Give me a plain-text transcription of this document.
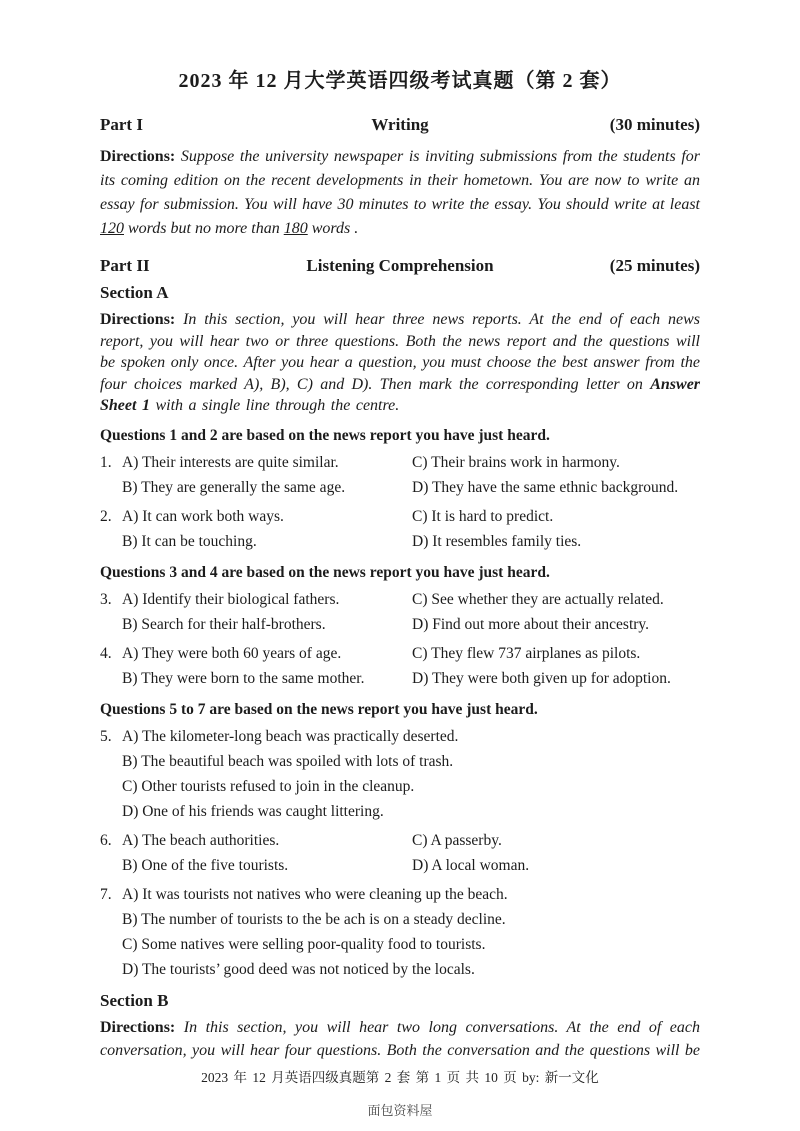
2023 年 12 月大学英语四级考试真题（第 2 套）
Part I	Writing	(30 minutes)

Directions: Suppose the university newspaper is inviting submissions from the students for its coming edition on the recent developments in their hometown. You are now to write an essay for submission. You will have 30 minutes to write the essay. You should write at least 120 words but no more than 180 words .

Part II	Listening Comprehension	(25 minutes)
Section A

Directions: In this section, you will hear three news reports. At the end of each news report, you will hear two or three questions. Both the news report and the questions will be spoken only once. After you hear a question, you must choose the best answer from the four choices marked A), B), C) and D). Then mark the corresponding letter on Answer Sheet 1 with a single line through the centre.

Questions 1 and 2 are based on the news report you have just heard.
1. A) Their interests are quite similar.	C) Their brains work in harmony.
B) They are generally the same age.	D) They have the same ethnic background.
2. A) It can work both ways.	C) It is hard to predict.
B) It can be touching.	D) It resembles family ties.
Questions 3 and 4 are based on the news report you have just heard.
3. A) Identify their biological fathers.	C) See whether they are actually related.
B) Search for their half-brothers.	D) Find out more about their ancestry.
4. A) They were both 60 years of age.	C) They flew 737 airplanes as pilots.
B) They were born to the same mother.	D) They were both given up for adoption.
Questions 5 to 7 are based on the news report you have just heard.
5. A) The kilometer-long beach was practically deserted.
B) The beautiful beach was spoiled with lots of trash.
C) Other tourists refused to join in the cleanup.
D) One of his friends was caught littering.
6. A) The beach authorities.	C) A passerby.
B) One of the five tourists.	D) A local woman.
7. A) It was tourists not natives who were cleaning up the beach.
B) The number of tourists to the be ach is on a steady decline.
C) Some natives were selling poor-quality food to tourists.
D) The tourists’ good deed was not noticed by the locals.
Section B

Directions: In this section, you will hear two long conversations. At the end of each conversation, you will hear four questions. Both the conversation and the questions will be

2023 年 12 月英语四级真题第 2 套 第 1 页 共 10 页 by: 新一文化
面包资料屋
